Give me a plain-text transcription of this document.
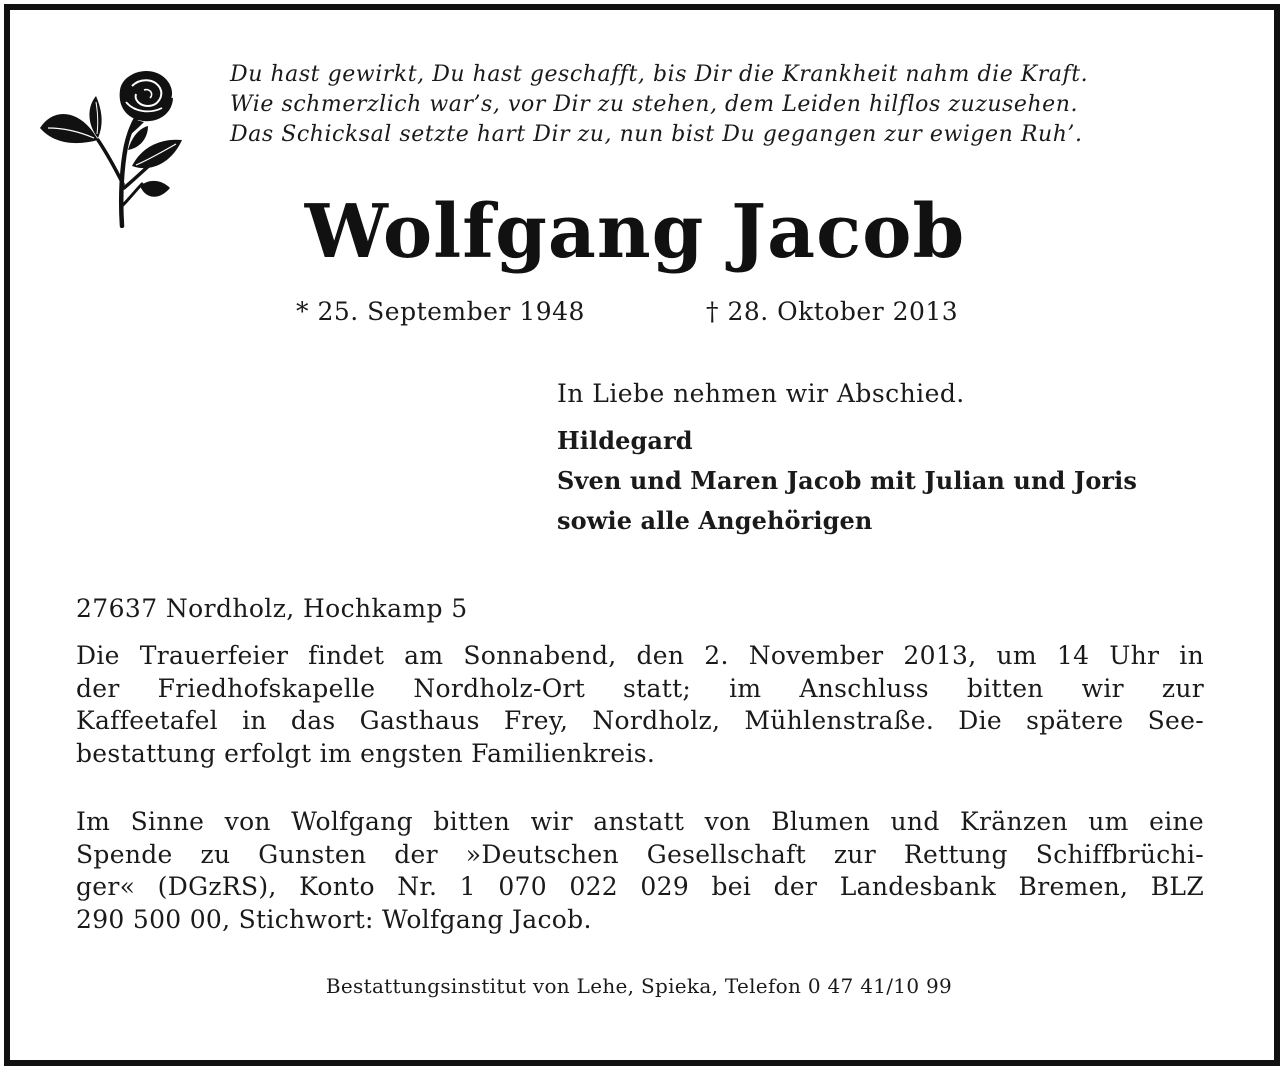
Du hast gewirkt, Du hast geschafft, bis Dir die Krankheit nahm die Kraft.
Wie schmerzlich war’s, vor Dir zu stehen, dem Leiden hilflos zuzusehen.
Das Schicksal setzte hart Dir zu, nun bist Du gegangen zur ewigen Ruh’.
Wolfgang Jacob
* 25. September 1948	† 28. Oktober 2013
In Liebe nehmen wir Abschied.
Hildegard
Sven und Maren Jacob mit Julian und Joris
sowie alle Angehörigen
27637 Nordholz, Hochkamp 5
Die Trauerfeier findet am Sonnabend, den 2. November 2013, um 14 Uhr in
der Friedhofskapelle Nordholz-Ort statt; im Anschluss bitten wir zur
Kaffeetafel in das Gasthaus Frey, Nordholz, Mühlenstraße. Die spätere See-
bestattung erfolgt im engsten Familienkreis.
Im Sinne von Wolfgang bitten wir anstatt von Blumen und Kränzen um eine
Spende zu Gunsten der »Deutschen Gesellschaft zur Rettung Schiffbrüchi-
ger« (DGzRS), Konto Nr. 1 070 022 029 bei der Landesbank Bremen, BLZ
290 500 00, Stichwort: Wolfgang Jacob.
Bestattungsinstitut von Lehe, Spieka, Telefon 0 47 41/10 99
